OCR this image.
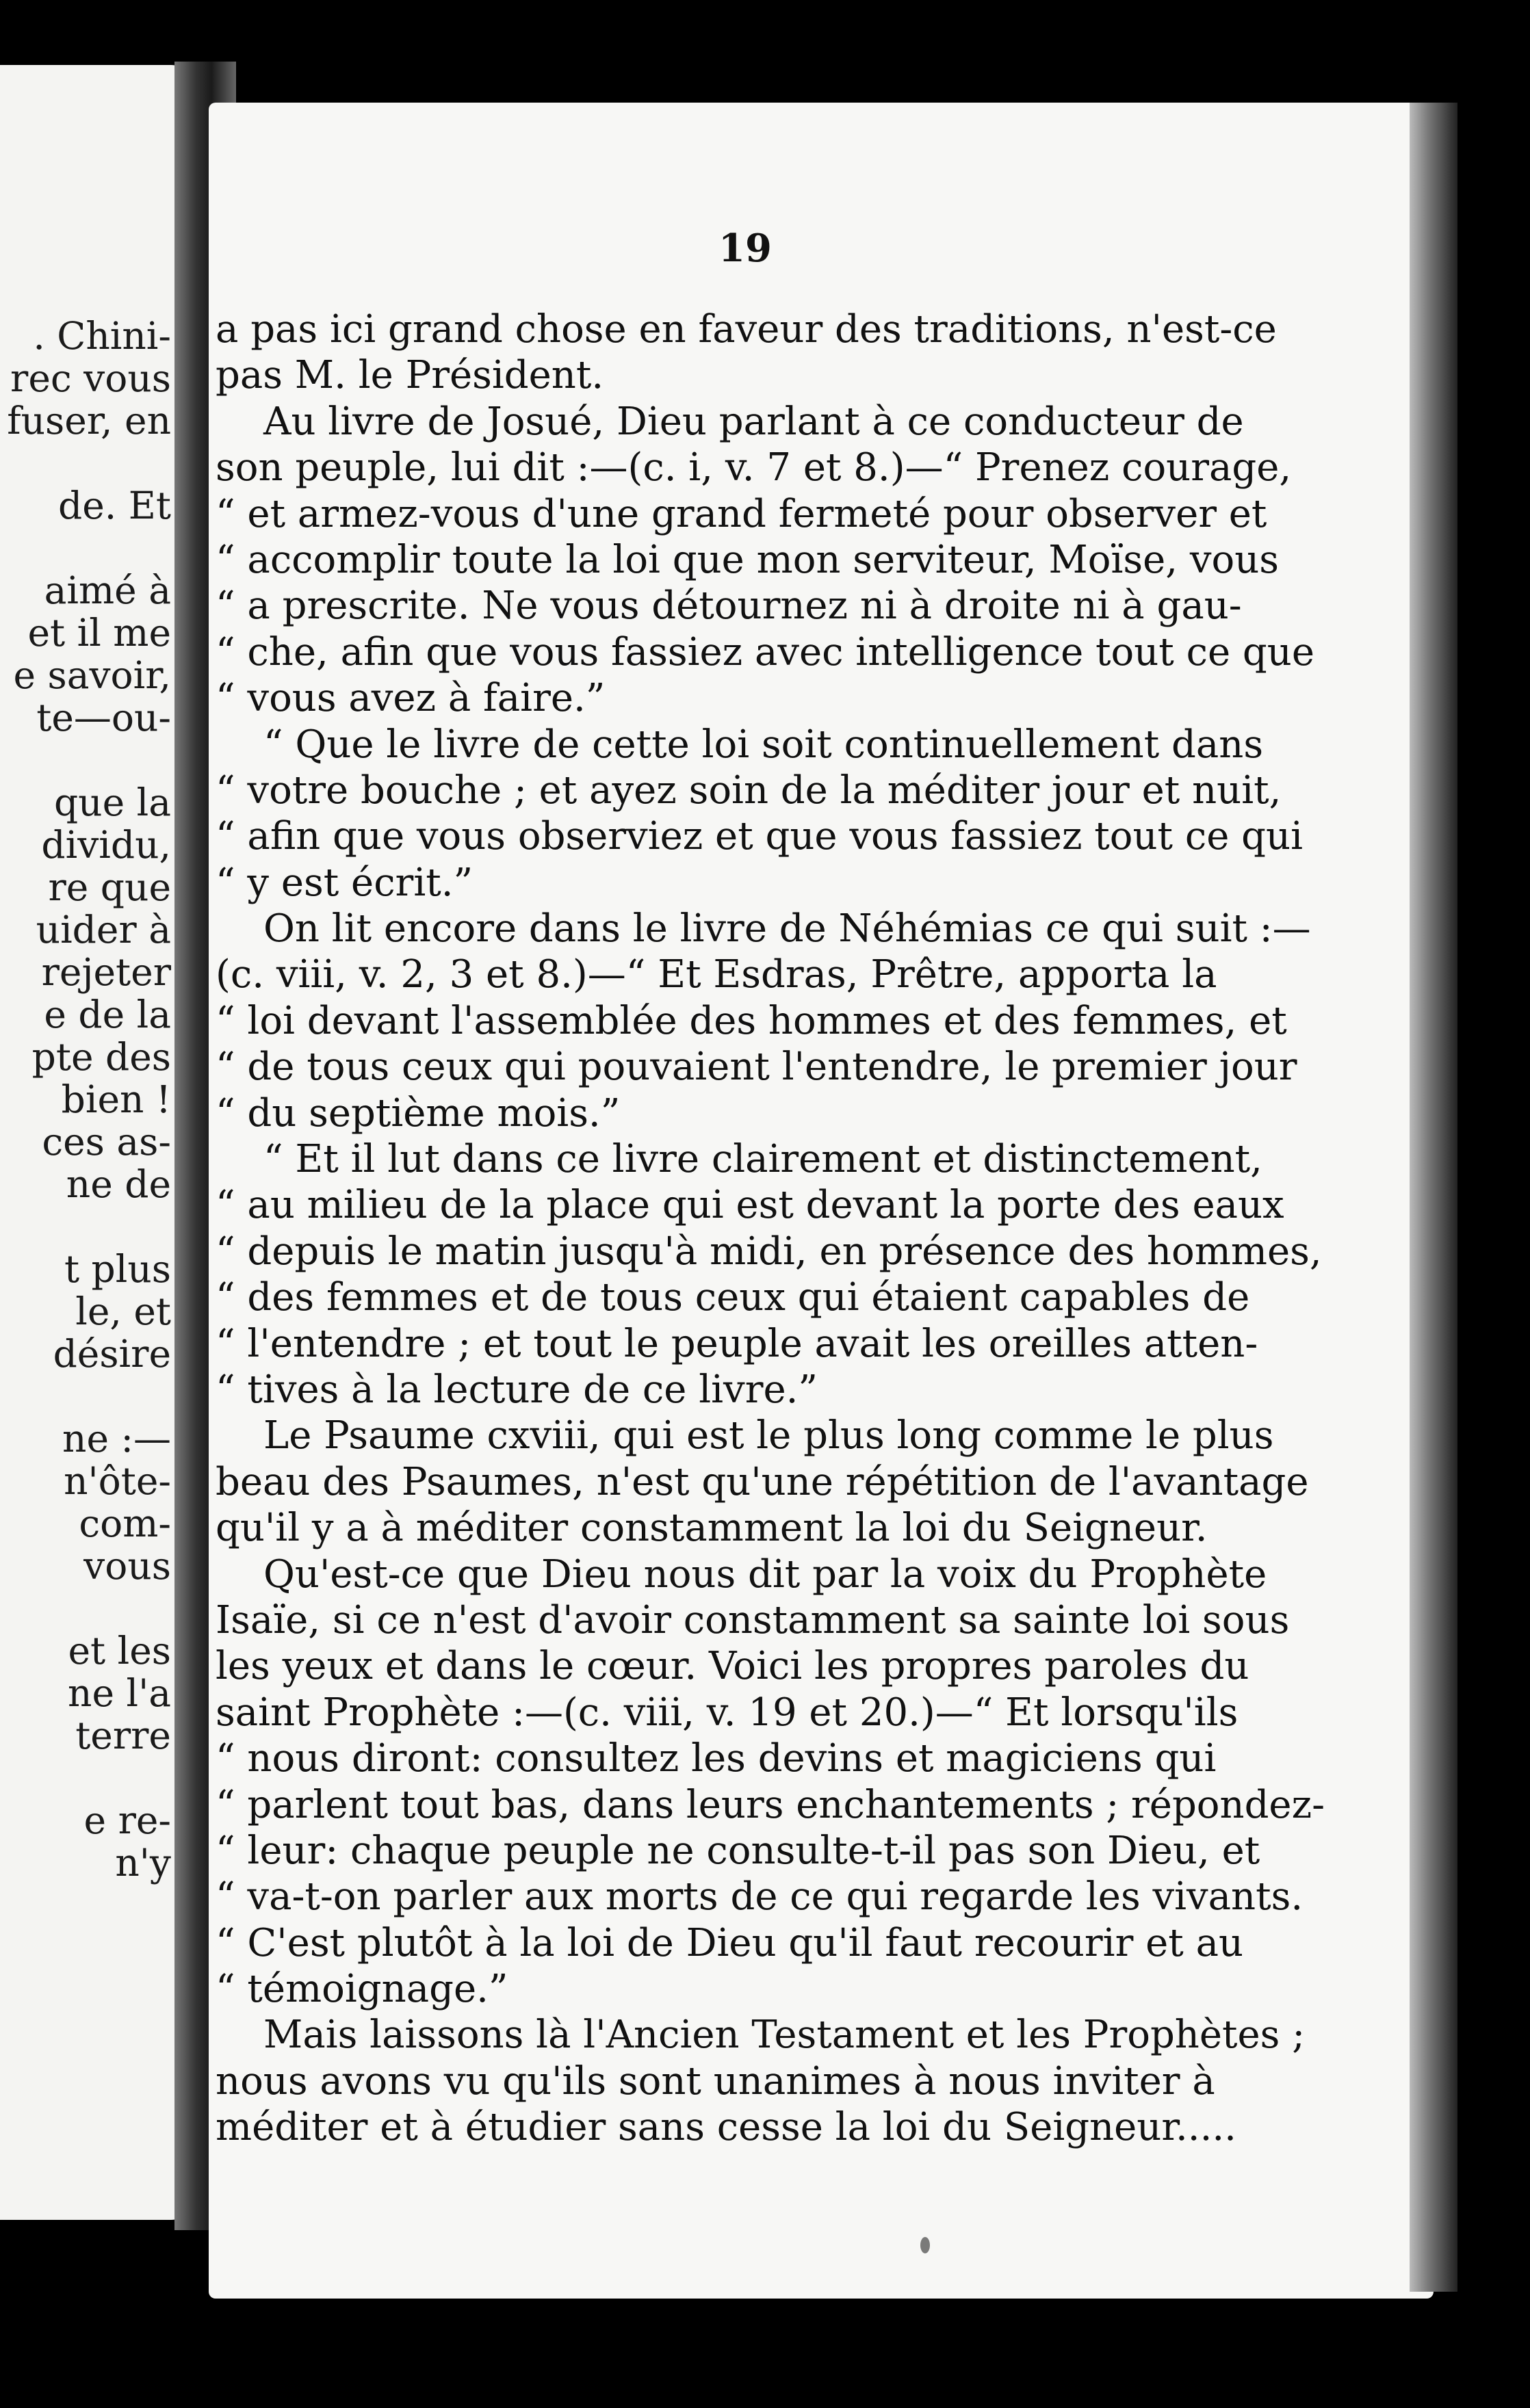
. Chini-
rec vous
fuser, en
de. Et
aimé à
et il me
e savoir,
te—ou-
que la
dividu,
re que
uider à
rejeter
e de la
pte des
bien !
ces as-
ne de
t plus
le, et
désire
ne :—
n'ôte-
com-
vous
et les
ne l'a
terre
e re-
n'y
19
a pas ici grand chose en faveur des traditions, n'est-ce
pas M. le Président.
Au livre de Josué, Dieu parlant à ce conducteur de
son peuple, lui dit :—(c. i, v. 7 et 8.)—“ Prenez courage,
“ et armez-vous d'une grand fermeté pour observer et
“ accomplir toute la loi que mon serviteur, Moïse, vous
“ a prescrite. Ne vous détournez ni à droite ni à gau-
“ che, afin que vous fassiez avec intelligence tout ce que
“ vous avez à faire.”
“ Que le livre de cette loi soit continuellement dans
“ votre bouche ; et ayez soin de la méditer jour et nuit,
“ afin que vous observiez et que vous fassiez tout ce qui
“ y est écrit.”
On lit encore dans le livre de Néhémias ce qui suit :—
(c. viii, v. 2, 3 et 8.)—“ Et Esdras, Prêtre, apporta la
“ loi devant l'assemblée des hommes et des femmes, et
“ de tous ceux qui pouvaient l'entendre, le premier jour
“ du septième mois.”
“ Et il lut dans ce livre clairement et distinctement,
“ au milieu de la place qui est devant la porte des eaux
“ depuis le matin jusqu'à midi, en présence des hommes,
“ des femmes et de tous ceux qui étaient capables de
“ l'entendre ; et tout le peuple avait les oreilles atten-
“ tives à la lecture de ce livre.”
Le Psaume cxviii, qui est le plus long comme le plus
beau des Psaumes, n'est qu'une répétition de l'avantage
qu'il y a à méditer constamment la loi du Seigneur.
Qu'est-ce que Dieu nous dit par la voix du Prophète
Isaïe, si ce n'est d'avoir constamment sa sainte loi sous
les yeux et dans le cœur. Voici les propres paroles du
saint Prophète :—(c. viii, v. 19 et 20.)—“ Et lorsqu'ils
“ nous diront: consultez les devins et magiciens qui
“ parlent tout bas, dans leurs enchantements ; répondez-
“ leur: chaque peuple ne consulte-t-il pas son Dieu, et
“ va-t-on parler aux morts de ce qui regarde les vivants.
“ C'est plutôt à la loi de Dieu qu'il faut recourir et au
“ témoignage.”
Mais laissons là l'Ancien Testament et les Prophètes ;
nous avons vu qu'ils sont unanimes à nous inviter à
méditer et à étudier sans cesse la loi du Seigneur.....
